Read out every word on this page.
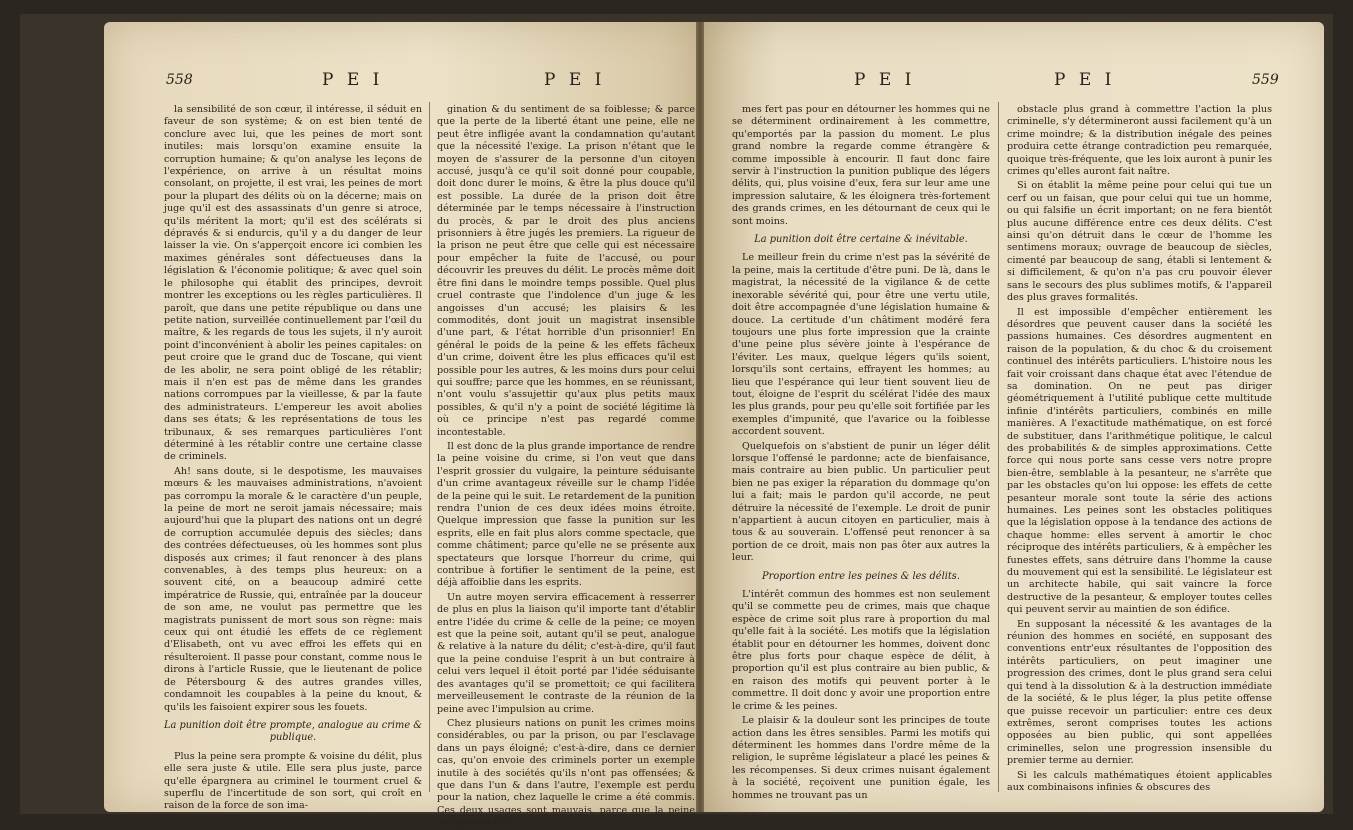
558	P E I	P E I

la sensibilité de son cœur, il intéresse, il séduit en faveur de son système; & on est bien tenté de conclure avec lui, que les peines de mort sont inutiles: mais lorsqu'on examine ensuite la corruption humaine; & qu'on analyse les leçons de l'expérience, on arrive à un résultat moins consolant, on projette, il est vrai, les peines de mort pour la plupart des délits où on la décerne; mais on juge qu'il est des assassinats d'un genre si atroce, qu'ils méritent la mort; qu'il est des scélérats si dépravés & si endurcis, qu'il y a du danger de leur laisser la vie. On s'apperçoit encore ici combien les maximes générales sont défectueuses dans la législation & l'économie politique; & avec quel soin le philosophe qui établit des principes, devroit montrer les exceptions ou les règles particulières. Il paroît, que dans une petite république ou dans une petite nation, surveillée continuellement par l'œil du maître, & les regards de tous les sujets, il n'y auroit point d'inconvénient à abolir les peines capitales: on peut croire que le grand duc de Toscane, qui vient de les abolir, ne sera point obligé de les rétablir; mais il n'en est pas de même dans les grandes nations corrompues par la vieillesse, & par la faute des administrateurs. L'empereur les avoit abolies dans ses états; & les représentations de tous les tribunaux, & ses remarques particulières l'ont déterminé à les rétablir contre une certaine classe de criminels.

Ah! sans doute, si le despotisme, les mauvaises mœurs & les mauvaises administrations, n'avoient pas corrompu la morale & le caractère d'un peuple, la peine de mort ne seroit jamais nécessaire; mais aujourd'hui que la plupart des nations ont un degré de corruption accumulée depuis des siècles; dans des contrées défectueuses, où les hommes sont plus disposés aux crimes; il faut renoncer à des plans convenables, à des temps plus heureux: on a souvent cité, on a beaucoup admiré cette impératrice de Russie, qui, entraînée par la douceur de son ame, ne voulut pas permettre que les magistrats punissent de mort sous son règne: mais ceux qui ont étudié les effets de ce règlement d'Elisabeth, ont vu avec effroi les effets qui en résulteroient. Il passe pour constant, comme nous le dirons à l'article Russie, que le lieutenant de police de Pétersbourg & des autres grandes villes, condamnoit les coupables à la peine du knout, & qu'ils les faisoient expirer sous les fouets.

La punition doit être prompte, analogue au crime & publique.

Plus la peine sera prompte & voisine du délit, plus elle sera juste & utile. Elle sera plus juste, parce qu'elle épargnera au criminel le tourment cruel & superflu de l'incertitude de son sort, qui croît en raison de la force de son ima-

gination & du sentiment de sa foiblesse; & parce que la perte de la liberté étant une peine, elle ne peut être infligée avant la condamnation qu'autant que la nécessité l'exige. La prison n'étant que le moyen de s'assurer de la personne d'un citoyen accusé, jusqu'à ce qu'il soit donné pour coupable, doit donc durer le moins, & être la plus douce qu'il est possible. La durée de la prison doit être déterminée par le temps nécessaire à l'instruction du procès, & par le droit des plus anciens prisonniers à être jugés les premiers. La rigueur de la prison ne peut être que celle qui est nécessaire pour empêcher la fuite de l'accusé, ou pour découvrir les preuves du délit. Le procès même doit être fini dans le moindre temps possible. Quel plus cruel contraste que l'indolence d'un juge & les angoisses d'un accusé; les plaisirs & les commodités, dont jouit un magistrat insensible d'une part, & l'état horrible d'un prisonnier! En général le poids de la peine & les effets fâcheux d'un crime, doivent être les plus efficaces qu'il est possible pour les autres, & les moins durs pour celui qui souffre; parce que les hommes, en se réunissant, n'ont voulu s'assujettir qu'aux plus petits maux possibles, & qu'il n'y a point de société légitime là où ce principe n'est pas regardé comme incontestable.

Il est donc de la plus grande importance de rendre la peine voisine du crime, si l'on veut que dans l'esprit grossier du vulgaire, la peinture séduisante d'un crime avantageux réveille sur le champ l'idée de la peine qui le suit. Le retardement de la punition rendra l'union de ces deux idées moins étroite. Quelque impression que fasse la punition sur les esprits, elle en fait plus alors comme spectacle, que comme châtiment; parce qu'elle ne se présente aux spectateurs que lorsque l'horreur du crime, qui contribue à fortifier le sentiment de la peine, est déjà affoiblie dans les esprits.

Un autre moyen servira efficacement à resserrer de plus en plus la liaison qu'il importe tant d'établir entre l'idée du crime & celle de la peine; ce moyen est que la peine soit, autant qu'il se peut, analogue & relative à la nature du délit; c'est-à-dire, qu'il faut que la peine conduise l'esprit à un but contraire à celui vers lequel il étoit porté par l'idée séduisante des avantages qu'il se promettoit; ce qui facilitera merveilleusement le contraste de la réunion de la peine avec l'impulsion au crime.

Chez plusieurs nations on punit les crimes moins considérables, ou par la prison, ou par l'esclavage dans un pays éloigné; c'est-à-dire, dans ce dernier cas, qu'on envoie des criminels porter un exemple inutile à des sociétés qu'ils n'ont pas offensées; & que dans l'un & dans l'autre, l'exemple est perdu pour la nation, chez laquelle le crime a été commis. Ces deux usages sont mauvais, parce que la peine des grands cri-

P E I	P E I	559

mes fert pas pour en détourner les hommes qui ne se déterminent ordinairement à les commettre, qu'emportés par la passion du moment. Le plus grand nombre la regarde comme étrangère & comme impossible à encourir. Il faut donc faire servir à l'instruction la punition publique des légers délits, qui, plus voisine d'eux, fera sur leur ame une impression salutaire, & les éloignera très-fortement des grands crimes, en les détournant de ceux qui le sont moins.

La punition doit être certaine & inévitable.

Le meilleur frein du crime n'est pas la sévérité de la peine, mais la certitude d'être puni. De là, dans le magistrat, la nécessité de la vigilance & de cette inexorable sévérité qui, pour être une vertu utile, doit être accompagnée d'une législation humaine & douce. La certitude d'un châtiment modéré fera toujours une plus forte impression que la crainte d'une peine plus sévère jointe à l'espérance de l'éviter. Les maux, quelque légers qu'ils soient, lorsqu'ils sont certains, effrayent les hommes; au lieu que l'espérance qui leur tient souvent lieu de tout, éloigne de l'esprit du scélérat l'idée des maux les plus grands, pour peu qu'elle soit fortifiée par les exemples d'impunité, que l'avarice ou la foiblesse accordent souvent.

Quelquefois on s'abstient de punir un léger délit lorsque l'offensé le pardonne; acte de bienfaisance, mais contraire au bien public. Un particulier peut bien ne pas exiger la réparation du dommage qu'on lui a fait; mais le pardon qu'il accorde, ne peut détruire la nécessité de l'exemple. Le droit de punir n'appartient à aucun citoyen en particulier, mais à tous & au souverain. L'offensé peut renoncer à sa portion de ce droit, mais non pas ôter aux autres la leur.

Proportion entre les peines & les délits.

L'intérêt commun des hommes est non seulement qu'il se commette peu de crimes, mais que chaque espèce de crime soit plus rare à proportion du mal qu'elle fait à la société. Les motifs que la législation établit pour en détourner les hommes, doivent donc être plus forts pour chaque espèce de délit, à proportion qu'il est plus contraire au bien public, & en raison des motifs qui peuvent porter à le commettre. Il doit donc y avoir une proportion entre le crime & les peines.

Le plaisir & la douleur sont les principes de toute action dans les êtres sensibles. Parmi les motifs qui déterminent les hommes dans l'ordre même de la religion, le suprême législateur a placé les peines & les récompenses. Si deux crimes nuisant également à la société, reçoivent une punition égale, les hommes ne trouvant pas un

obstacle plus grand à commettre l'action la plus criminelle, s'y détermineront aussi facilement qu'à un crime moindre; & la distribution inégale des peines produira cette étrange contradiction peu remarquée, quoique très-fréquente, que les loix auront à punir les crimes qu'elles auront fait naître.

Si on établit la même peine pour celui qui tue un cerf ou un faisan, que pour celui qui tue un homme, ou qui falsifie un écrit important; on ne fera bientôt plus aucune différence entre ces deux délits. C'est ainsi qu'on détruit dans le cœur de l'homme les sentimens moraux; ouvrage de beaucoup de siècles, cimenté par beaucoup de sang, établi si lentement & si difficilement, & qu'on n'a pas cru pouvoir élever sans le secours des plus sublimes motifs, & l'appareil des plus graves formalités.

Il est impossible d'empêcher entièrement les désordres que peuvent causer dans la société les passions humaines. Ces désordres augmentent en raison de la population, & du choc & du croisement continuel des intérêts particuliers. L'histoire nous les fait voir croissant dans chaque état avec l'étendue de sa domination. On ne peut pas diriger géométriquement à l'utilité publique cette multitude infinie d'intérêts particuliers, combinés en mille manières. A l'exactitude mathématique, on est forcé de substituer, dans l'arithmétique politique, le calcul des probabilités & de simples approximations. Cette force qui nous porte sans cesse vers notre propre bien-être, semblable à la pesanteur, ne s'arrête que par les obstacles qu'on lui oppose: les effets de cette pesanteur morale sont toute la série des actions humaines. Les peines sont les obstacles politiques que la législation oppose à la tendance des actions de chaque homme: elles servent à amortir le choc réciproque des intérêts particuliers, & à empêcher les funestes effets, sans détruire dans l'homme la cause du mouvement qui est la sensibilité. Le législateur est un architecte habile, qui sait vaincre la force destructive de la pesanteur, & employer toutes celles qui peuvent servir au maintien de son édifice.

En supposant la nécessité & les avantages de la réunion des hommes en société, en supposant des conventions entr'eux résultantes de l'opposition des intérêts particuliers, on peut imaginer une progression des crimes, dont le plus grand sera celui qui tend à la dissolution & à la destruction immédiate de la société, & le plus léger, la plus petite offense que puisse recevoir un particulier: entre ces deux extrêmes, seront comprises toutes les actions opposées au bien public, qui sont appellées criminelles, selon une progression insensible du premier terme au dernier.

Si les calculs mathématiques étoient applicables aux combinaisons infinies & obscures des
